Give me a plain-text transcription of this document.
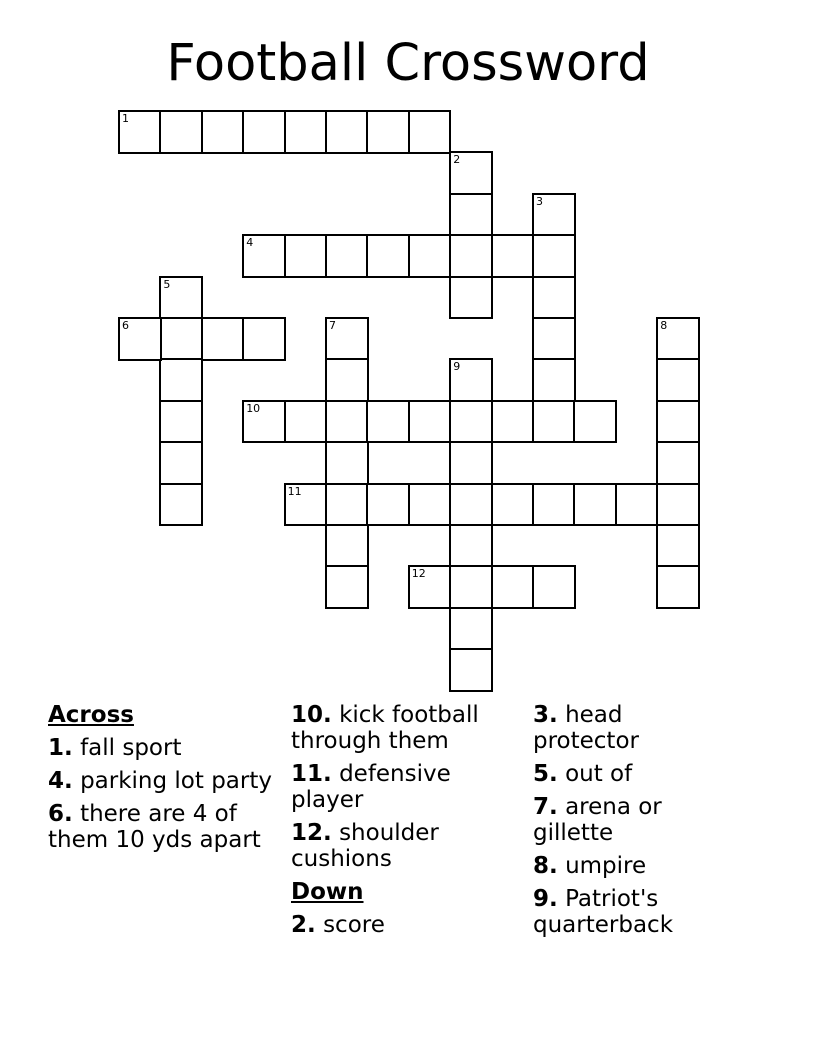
Football Crossword
1
2
3
4
5
6	7	8
9
10
11
12
Across
1. fall sport
4. parking lot party
6. there are 4 of them 10 yds apart
10. kick football through them
11. defensive player
12. shoulder cushions
Down
2. score
3. head protector
5. out of
7. arena or gillette
8. umpire
9. Patriot's quarterback
